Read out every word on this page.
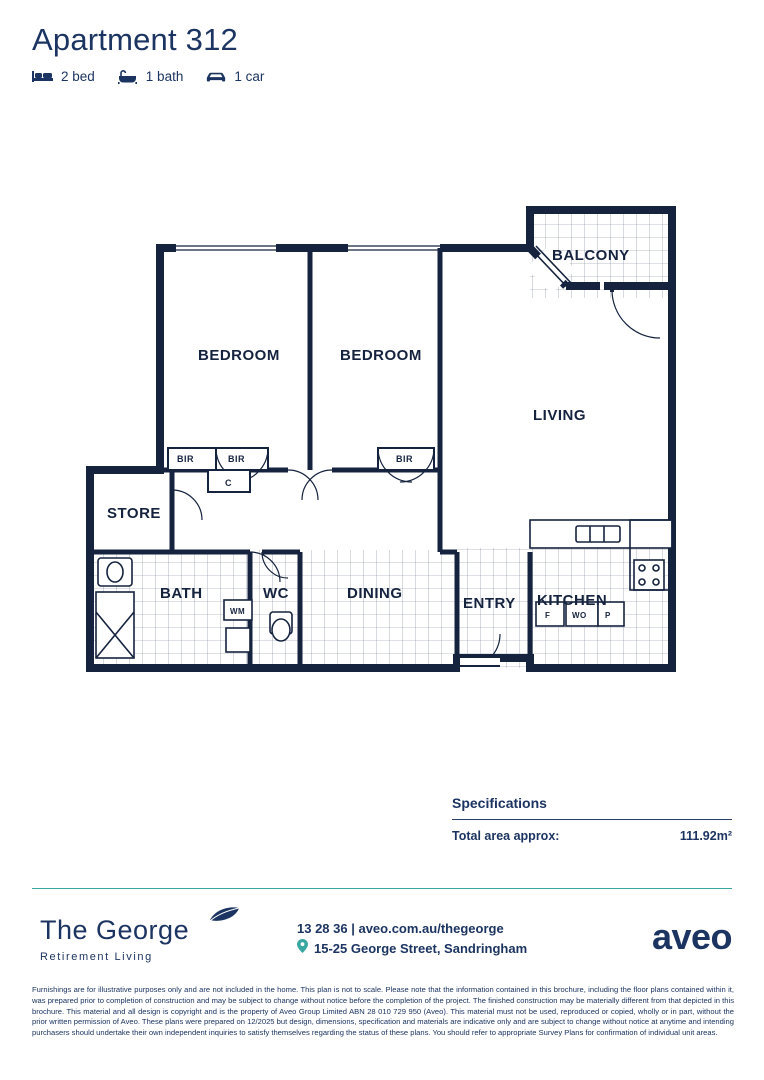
Apartment 312
2 bed	1 bath	1 car
WM	F	WO P
BEDROOM	BEDROOM
BALCONY
LIVING
STORE
BATH	WC	DINING
ENTRY KITCHEN
BIR	BIR	BIR
C
Specifications
Total area approx:	111.92m²
The George
Retirement Living
13 28 36 | aveo.com.au/thegeorge
15-25 George Street, Sandringham	aveo
Furnishings are for illustrative purposes only and are not included in the home. This plan is not to scale. Please note that the information contained in this brochure, including the floor plans contained within it, was prepared prior to completion of construction and may be subject to change without notice before the completion of the project. The finished construction may be materially different from that depicted in this brochure. This material and all design is copyright and is the property of Aveo Group Limited ABN 28 010 729 950 (Aveo). This material must not be used, reproduced or copied, wholly or in part, without the prior written permission of Aveo. These plans were prepared on 12/2025 but design, dimensions, specification and materials are indicative only and are subject to change without notice at anytime and intending purchasers should undertake their own independent inquiries to satisfy themselves regarding the status of these plans. You should refer to appropriate Survey Plans for confirmation of individual unit areas.
